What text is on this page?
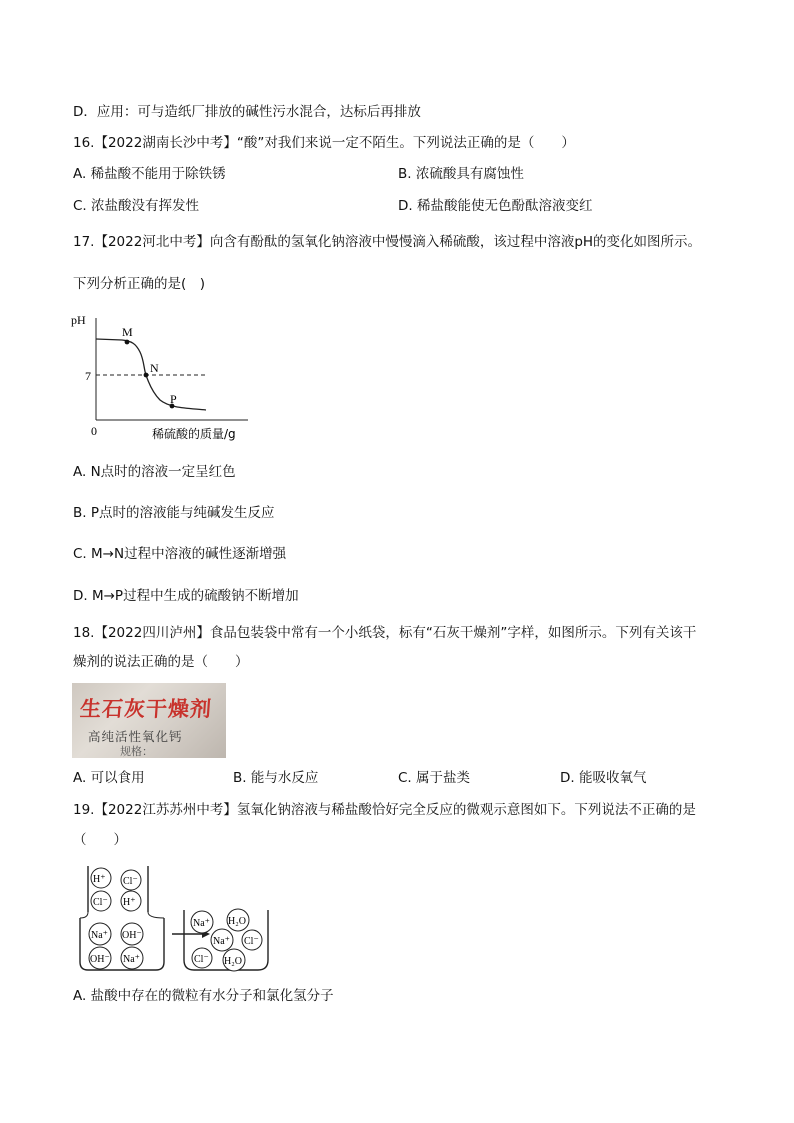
D．应用：可与造纸厂排放的碱性污水混合，达标后再排放
16.【2022湖南长沙中考】“酸”对我们来说一定不陌生。下列说法正确的是（　　）
A. 稀盐酸不能用于除铁锈	B. 浓硫酸具有腐蚀性
C. 浓盐酸没有挥发性	D. 稀盐酸能使无色酚酞溶液变红
17.【2022河北中考】向含有酚酞的氢氧化钠溶液中慢慢滴入稀硫酸，该过程中溶液pH的变化如图所示。
下列分析正确的是(　)
pH
7
0
M
N
P
稀硫酸的质量/g
A. N点时的溶液一定呈红色
B. P点时的溶液能与纯碱发生反应
C. M→N过程中溶液的碱性逐渐增强
D. M→P过程中生成的硫酸钠不断增加
18.【2022四川泸州】食品包装袋中常有一个小纸袋，标有“石灰干燥剂”字样，如图所示。下列有关该干
燥剂的说法正确的是（　　）
生石灰干燥剂
高纯活性氧化钙
规格：
A. 可以食用	B. 能与水反应	C. 属于盐类	D. 能吸收氧气
19.【2022江苏苏州中考】氢氧化钠溶液与稀盐酸恰好完全反应的微观示意图如下。下列说法不正确的是
（　　）
H⁺ Cl⁻
Cl⁻ H⁺
Na⁺ OH⁻
OH⁻ Na⁺
Na⁺ H₂O
Na⁺ Cl⁻
Cl⁻ H₂O
A. 盐酸中存在的微粒有水分子和氯化氢分子
